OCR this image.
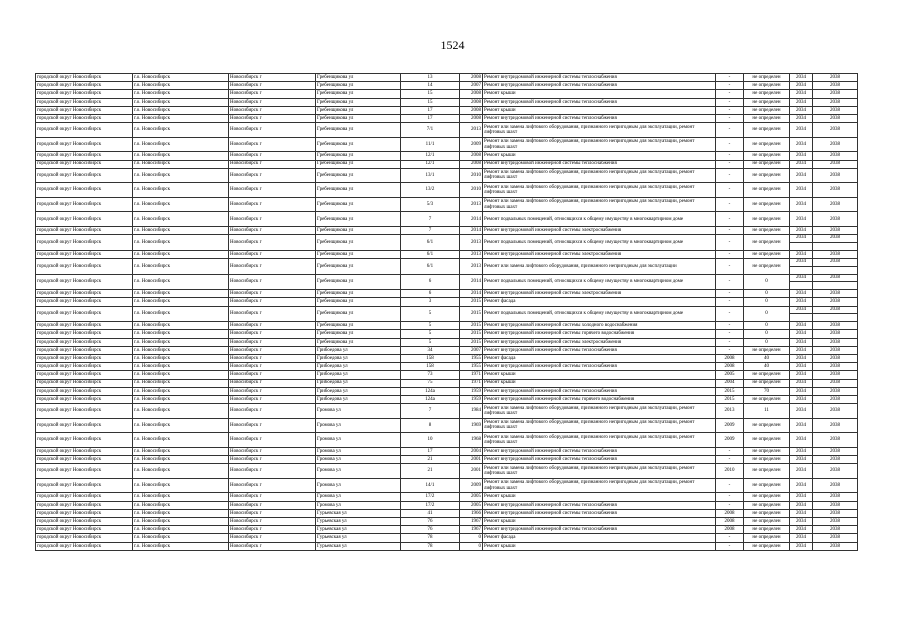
1524
городской округ Новосибирск	г.о. Новосибирск	Новосибирск г	Гребенщикова ул	13	2008	Ремонт внутридомовой инженерной системы теплоснабжения	-	не определен	2034	2038
городской округ Новосибирск	г.о. Новосибирск	Новосибирск г	Гребенщикова ул	14	2007	Ремонт внутридомовой инженерной системы теплоснабжения	-	не определен	2034	2038
городской округ Новосибирск	г.о. Новосибирск	Новосибирск г	Гребенщикова ул	15	2008	Ремонт крыши	-	не определен	2034	2038
городской округ Новосибирск	г.о. Новосибирск	Новосибирск г	Гребенщикова ул	15	2008	Ремонт внутридомовой инженерной системы теплоснабжения	-	не определен	2034	2038
городской округ Новосибирск	г.о. Новосибирск	Новосибирск г	Гребенщикова ул	17	2008	Ремонт крыши	-	не определен	2034	2038
городской округ Новосибирск	г.о. Новосибирск	Новосибирск г	Гребенщикова ул	17	2008	Ремонт внутридомовой инженерной системы теплоснабжения	-	не определен	2034	2038
городской округ Новосибирск	г.о. Новосибирск	Новосибирск г	Гребенщикова ул	7/1	2013	Ремонт или замена лифтового оборудования, признанного непригодным для эксплуатации, ремонт лифтовых шахт	-	не определен	2034	2038
городской округ Новосибирск	г.о. Новосибирск	Новосибирск г	Гребенщикова ул	11/1	2009	Ремонт или замена лифтового оборудования, признанного непригодным для эксплуатации, ремонт лифтовых шахт	-	не определен	2034	2038
городской округ Новосибирск	г.о. Новосибирск	Новосибирск г	Гребенщикова ул	12/1	2008	Ремонт крыши	-	не определен	2034	2038
городской округ Новосибирск	г.о. Новосибирск	Новосибирск г	Гребенщикова ул	12/1	2008	Ремонт внутридомовой инженерной системы теплоснабжения	-	не определен	2034	2038
городской округ Новосибирск	г.о. Новосибирск	Новосибирск г	Гребенщикова ул	13/1	2010	Ремонт или замена лифтового оборудования, признанного непригодным для эксплуатации, ремонт лифтовых шахт	-	не определен	2034	2038
городской округ Новосибирск	г.о. Новосибирск	Новосибирск г	Гребенщикова ул	13/2	2010	Ремонт или замена лифтового оборудования, признанного непригодным для эксплуатации, ремонт лифтовых шахт	-	не определен	2034	2038
городской округ Новосибирск	г.о. Новосибирск	Новосибирск г	Гребенщикова ул	5/3	2013	Ремонт или замена лифтового оборудования, признанного непригодным для эксплуатации, ремонт лифтовых шахт	-	не определен	2034	2038
городской округ Новосибирск	г.о. Новосибирск	Новосибирск г	Гребенщикова ул	7	2014	Ремонт подвальных помещений, относящихся к общему имуществу в многоквартирном доме	-	не определен	2034	2038
городской округ Новосибирск	г.о. Новосибирск	Новосибирск г	Гребенщикова ул	7	2014	Ремонт внутридомовой инженерной системы электроснабжения	-	не определен	2034	2038
городской округ Новосибирск	г.о. Новосибирск	Новосибирск г	Гребенщикова ул	6/1	2013	Ремонт подвальных помещений, относящихся к общему имуществу в многоквартирном доме	-	не определен	2034	2038

городской округ Новосибирск	г.о. Новосибирск	Новосибирск г	Гребенщикова ул	6/1	2013	Ремонт внутридомовой инженерной системы электроснабжения	-	не определен	2034	2038
городской округ Новосибирск	г.о. Новосибирск	Новосибирск г	Гребенщикова ул	6/1	2013	Ремонт или замена лифтового оборудования, признанного непригодным для эксплуатации	-	не определен	2034	2038

городской округ Новосибирск	г.о. Новосибирск	Новосибирск г	Гребенщикова ул	6	2014	Ремонт подвальных помещений, относящихся к общему имуществу в многоквартирном доме	-	0	2034	2038

городской округ Новосибирск	г.о. Новосибирск	Новосибирск г	Гребенщикова ул	6	2014	Ремонт внутридомовой инженерной системы электроснабжения	-	0	2034	2038
городской округ Новосибирск	г.о. Новосибирск	Новосибирск г	Гребенщикова ул	3	2015	Ремонт фасада	-	0	2034	2038
городской округ Новосибирск	г.о. Новосибирск	Новосибирск г	Гребенщикова ул	5	2015	Ремонт подвальных помещений, относящихся к общему имуществу в многоквартирном доме	-	0	2034	2038

городской округ Новосибирск	г.о. Новосибирск	Новосибирск г	Гребенщикова ул	5	2015	Ремонт внутридомовой инженерной системы холодного водоснабжения	-	0	2034	2038
городской округ Новосибирск	г.о. Новосибирск	Новосибирск г	Гребенщикова ул	5	2015	Ремонт внутридомовой инженерной системы горячего водоснабжения	-	0	2034	2038
городской округ Новосибирск	г.о. Новосибирск	Новосибирск г	Гребенщикова ул	5	2015	Ремонт внутридомовой инженерной системы электроснабжения	-	0	2034	2038
городской округ Новосибирск	г.о. Новосибирск	Новосибирск г	Грибоедова ул	34	2007	Ремонт внутридомовой инженерной системы теплоснабжения	-	не определен	2034	2038
городской округ Новосибирск	г.о. Новосибирск	Новосибирск г	Грибоедова ул	158	1955	Ремонт фасада	2008	40	2034	2038
городской округ Новосибирск	г.о. Новосибирск	Новосибирск г	Грибоедова ул	158	1955	Ремонт внутридомовой инженерной системы теплоснабжения	2008	40	2034	2038
городской округ Новосибирск	г.о. Новосибирск	Новосибирск г	Грибоедова ул	73	1971	Ремонт крыши	2005	не определен	2034	2038
городской округ Новосибирск	г.о. Новосибирск	Новосибирск г	Грибоедова ул	75	1971	Ремонт крыши	2004	не определен	2034	2038
городской округ Новосибирск	г.о. Новосибирск	Новосибирск г	Грибоедова ул	124а	1959	Ремонт внутридомовой инженерной системы теплоснабжения	2015	70	2034	2038
городской округ Новосибирск	г.о. Новосибирск	Новосибирск г	Грибоедова ул	124а	1959	Ремонт внутридомовой инженерной системы горячего водоснабжения	2015	не определен	2034	2038
городской округ Новосибирск	г.о. Новосибирск	Новосибирск г	Громова ул	7	1984	Ремонт или замена лифтового оборудования, признанного непригодным для эксплуатации, ремонт лифтовых шахт	2013	11	2034	2038
городской округ Новосибирск	г.о. Новосибирск	Новосибирск г	Громова ул	8	1969	Ремонт или замена лифтового оборудования, признанного непригодным для эксплуатации, ремонт лифтовых шахт	2009	не определен	2034	2038
городской округ Новосибирск	г.о. Новосибирск	Новосибирск г	Громова ул	10	1968	Ремонт или замена лифтового оборудования, признанного непригодным для эксплуатации, ремонт лифтовых шахт	2009	не определен	2034	2038
городской округ Новосибирск	г.о. Новосибирск	Новосибирск г	Громова ул	17	2004	Ремонт внутридомовой инженерной системы теплоснабжения	-	не определен	2034	2038
городской округ Новосибирск	г.о. Новосибирск	Новосибирск г	Громова ул	21	2001	Ремонт внутридомовой инженерной системы теплоснабжения	-	не определен	2034	2038
городской округ Новосибирск	г.о. Новосибирск	Новосибирск г	Громова ул	21	2001	Ремонт или замена лифтового оборудования, признанного непригодным для эксплуатации, ремонт лифтовых шахт	2010	не определен	2034	2038
городской округ Новосибирск	г.о. Новосибирск	Новосибирск г	Громова ул	14/1	2009	Ремонт или замена лифтового оборудования, признанного непригодным для эксплуатации, ремонт лифтовых шахт	-	не определен	2034	2038
городской округ Новосибирск	г.о. Новосибирск	Новосибирск г	Громова ул	17/2	2005	Ремонт крыши	-	не определен	2034	2038
городской округ Новосибирск	г.о. Новосибирск	Новосибирск г	Громова ул	17/2	2005	Ремонт внутридомовой инженерной системы теплоснабжения	-	не определен	2034	2038
городской округ Новосибирск	г.о. Новосибирск	Новосибирск г	Гурьевская ул	41	1966	Ремонт внутридомовой инженерной системы теплоснабжения	2008	не определен	2034	2038
городской округ Новосибирск	г.о. Новосибирск	Новосибирск г	Гурьевская ул	76	1967	Ремонт крыши	2008	не определен	2034	2038
городской округ Новосибирск	г.о. Новосибирск	Новосибирск г	Гурьевская ул	76	1967	Ремонт внутридомовой инженерной системы теплоснабжения	2008	не определен	2034	2038
городской округ Новосибирск	г.о. Новосибирск	Новосибирск г	Гурьевская ул	78	0	Ремонт фасада	-	не определен	2034	2038
городской округ Новосибирск	г.о. Новосибирск	Новосибирск г	Гурьевская ул	78	0	Ремонт крыши	-	не определен	2034	2038
